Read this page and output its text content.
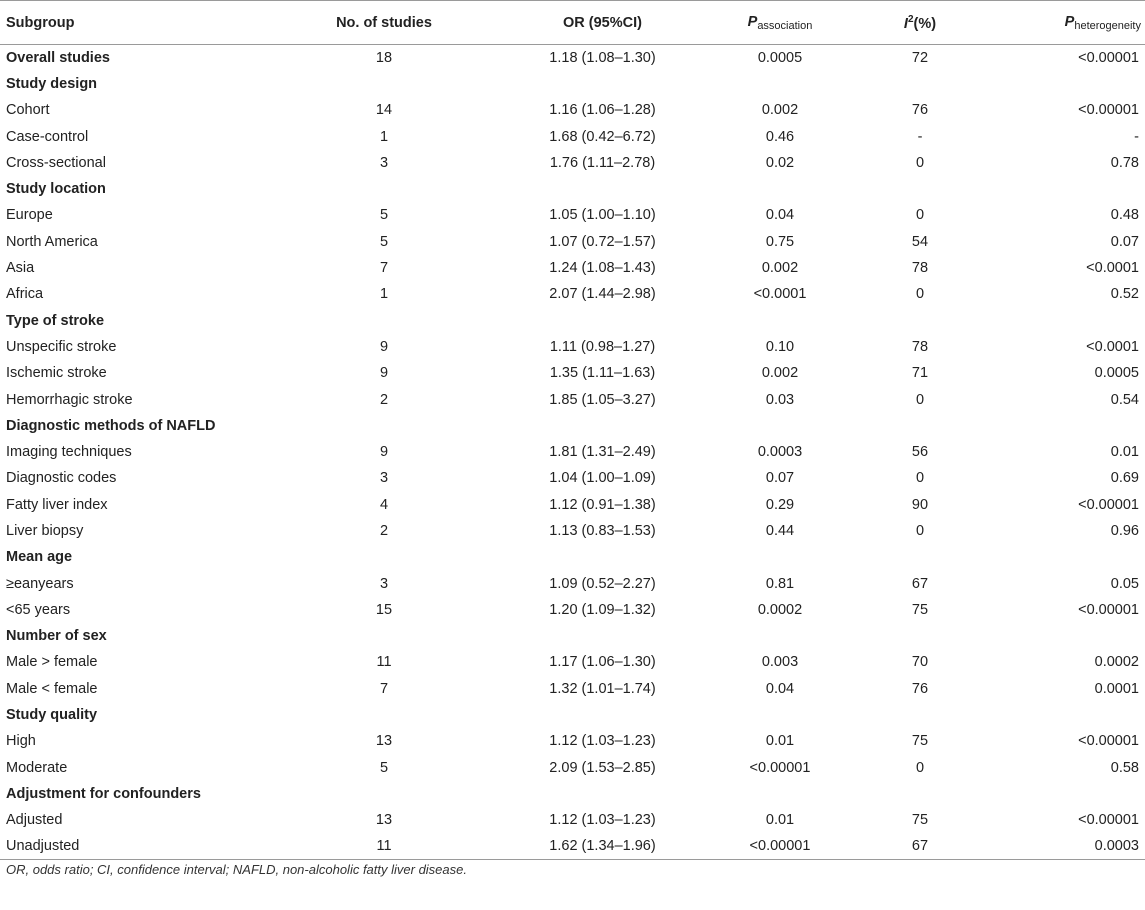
Subgroup	No. of studies	OR (95%CI)	$P_{association}$	$I^2(\%)$	$P_{heterogeneity}$
Overall studies	18	1.18 (1.08–1.30)	0.0005	72	<0.00001
Study design					
Cohort	14	1.16 (1.06–1.28)	0.002	76	<0.00001
Case-control	1	1.68 (0.42–6.72)	0.46	-	-
Cross-sectional	3	1.76 (1.11–2.78)	0.02	0	0.78
Study location					
Europe	5	1.05 (1.00–1.10)	0.04	0	0.48
North America	5	1.07 (0.72–1.57)	0.75	54	0.07
Asia	7	1.24 (1.08–1.43)	0.002	78	<0.0001
Africa	1	2.07 (1.44–2.98)	<0.0001	0	0.52
Type of stroke					
Unspecific stroke	9	1.11 (0.98–1.27)	0.10	78	<0.0001
Ischemic stroke	9	1.35 (1.11–1.63)	0.002	71	0.0005
Hemorrhagic stroke	2	1.85 (1.05–3.27)	0.03	0	0.54
Diagnostic methods of NAFLD					
Imaging techniques	9	1.81 (1.31–2.49)	0.0003	56	0.01
Diagnostic codes	3	1.04 (1.00–1.09)	0.07	0	0.69
Fatty liver index	4	1.12 (0.91–1.38)	0.29	90	<0.00001
Liver biopsy	2	1.13 (0.83–1.53)	0.44	0	0.96
Mean age					
≥eanyears	3	1.09 (0.52–2.27)	0.81	67	0.05
<65 years	15	1.20 (1.09–1.32)	0.0002	75	<0.00001
Number of sex					
Male > female	11	1.17 (1.06–1.30)	0.003	70	0.0002
Male < female	7	1.32 (1.01–1.74)	0.04	76	0.0001
Study quality					
High	13	1.12 (1.03–1.23)	0.01	75	<0.00001
Moderate	5	2.09 (1.53–2.85)	<0.00001	0	0.58
Adjustment for confounders					
Adjusted	13	1.12 (1.03–1.23)	0.01	75	<0.00001
Unadjusted	11	1.62 (1.34–1.96)	<0.00001	67	0.0003
OR, odds ratio; CI, confidence interval; NAFLD, non-alcoholic fatty liver disease.
